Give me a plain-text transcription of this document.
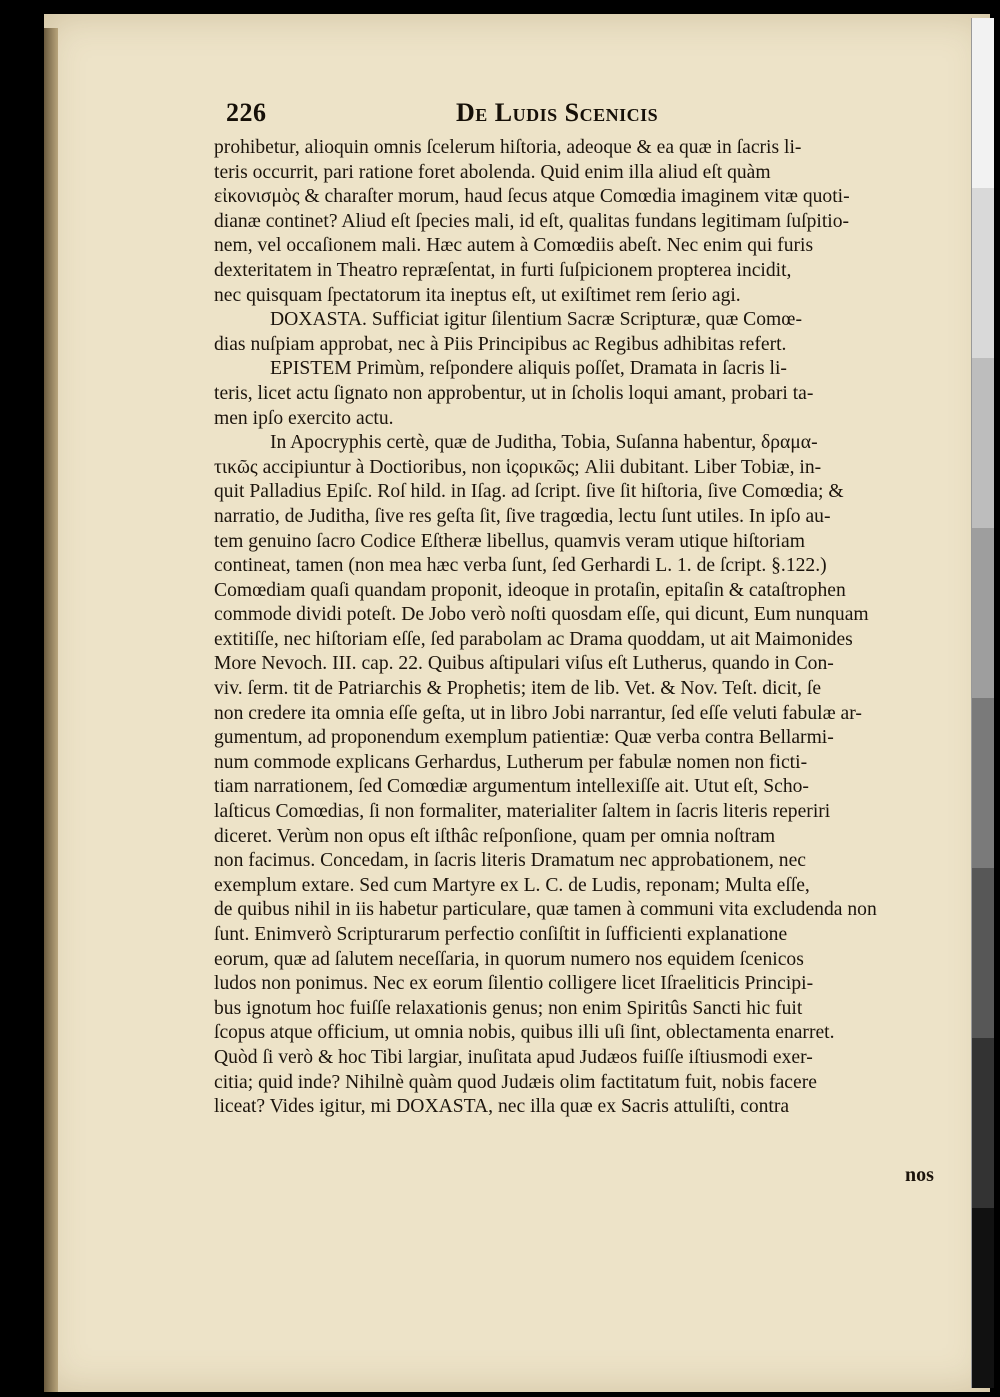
226	De Ludis Scenicis
prohibetur, alioquin omnis ſcelerum hiſtoria, adeoque & ea quæ in ſacris li-
teris occurrit, pari ratione foret abolenda. Quid enim illa aliud eſt quàm
εἰκονισμὸς & charaſter morum, haud ſecus atque Comœdia imaginem vitæ quoti-
dianæ continet? Aliud eſt ſpecies mali, id eſt, qualitas fundans legitimam ſuſpitio-
nem, vel occaſionem mali. Hæc autem à Comœdiis abeſt. Nec enim qui furis
dexteritatem in Theatro repræſentat, in furti ſuſpicionem propterea incidit,
nec quisquam ſpectatorum ita ineptus eſt, ut exiſtimet rem ſerio agi.
DOXASTA. Sufficiat igitur ſilentium Sacræ Scripturæ, quæ Comœ-
dias nuſpiam approbat, nec à Piis Principibus ac Regibus adhibitas refert.
EPISTEM Primùm, reſpondere aliquis poſſet, Dramata in ſacris li-
teris, licet actu ſignato non approbentur, ut in ſcholis loqui amant, probari ta-
men ipſo exercito actu.
In Apocryphis certè, quæ de Juditha, Tobia, Suſanna habentur, δραμα-
τικῶς accipiuntur à Doctioribus, non ἱςορικῶς; Alii dubitant. Liber Tobiæ, in-
quit Palladius Epiſc. Roſ hild. in Iſag. ad ſcript. ſive ſit hiſtoria, ſive Comœdia; &
narratio, de Juditha, ſive res geſta ſit, ſive tragœdia, lectu ſunt utiles. In ipſo au-
tem genuino ſacro Codice Eſtheræ libellus, quamvis veram utique hiſtoriam
contineat, tamen (non mea hæc verba ſunt, ſed Gerhardi L. 1. de ſcript. §.122.)
Comœdiam quaſi quandam proponit, ideoque in protaſin, epitaſin & cataſtrophen
commode dividi poteſt. De Jobo verò noſti quosdam eſſe, qui dicunt, Eum nunquam
extitiſſe, nec hiſtoriam eſſe, ſed parabolam ac Drama quoddam, ut ait Maimonides
More Nevoch. III. cap. 22. Quibus aſtipulari viſus eſt Lutherus, quando in Con-
viv. ſerm. tit de Patriarchis & Prophetis; item de lib. Vet. & Nov. Teſt. dicit, ſe
non credere ita omnia eſſe geſta, ut in libro Jobi narrantur, ſed eſſe veluti fabulæ ar-
gumentum, ad proponendum exemplum patientiæ: Quæ verba contra Bellarmi-
num commode explicans Gerhardus, Lutherum per fabulæ nomen non ficti-
tiam narrationem, ſed Comœdiæ argumentum intellexiſſe ait. Utut eſt, Scho-
laſticus Comœdias, ſi non formaliter, materialiter ſaltem in ſacris literis reperiri
diceret. Verùm non opus eſt iſthâc reſponſione, quam per omnia noſtram
non facimus. Concedam, in ſacris literis Dramatum nec approbationem, nec
exemplum extare. Sed cum Martyre ex L. C. de Ludis, reponam; Multa eſſe,
de quibus nihil in iis habetur particulare, quæ tamen à communi vita excludenda non
ſunt. Enimverò Scripturarum perfectio conſiſtit in ſufficienti explanatione
eorum, quæ ad ſalutem neceſſaria, in quorum numero nos equidem ſcenicos
ludos non ponimus. Nec ex eorum ſilentio colligere licet Iſraeliticis Principi-
bus ignotum hoc fuiſſe relaxationis genus; non enim Spiritûs Sancti hic fuit
ſcopus atque officium, ut omnia nobis, quibus illi uſi ſint, oblectamenta enarret.
Quòd ſi verò & hoc Tibi largiar, inuſitata apud Judæos fuiſſe iſtiusmodi exer-
citia; quid inde? Nihilnè quàm quod Judæis olim factitatum fuit, nobis facere
liceat? Vides igitur, mi DOXASTA, nec illa quæ ex Sacris attuliſti, contra
nos
